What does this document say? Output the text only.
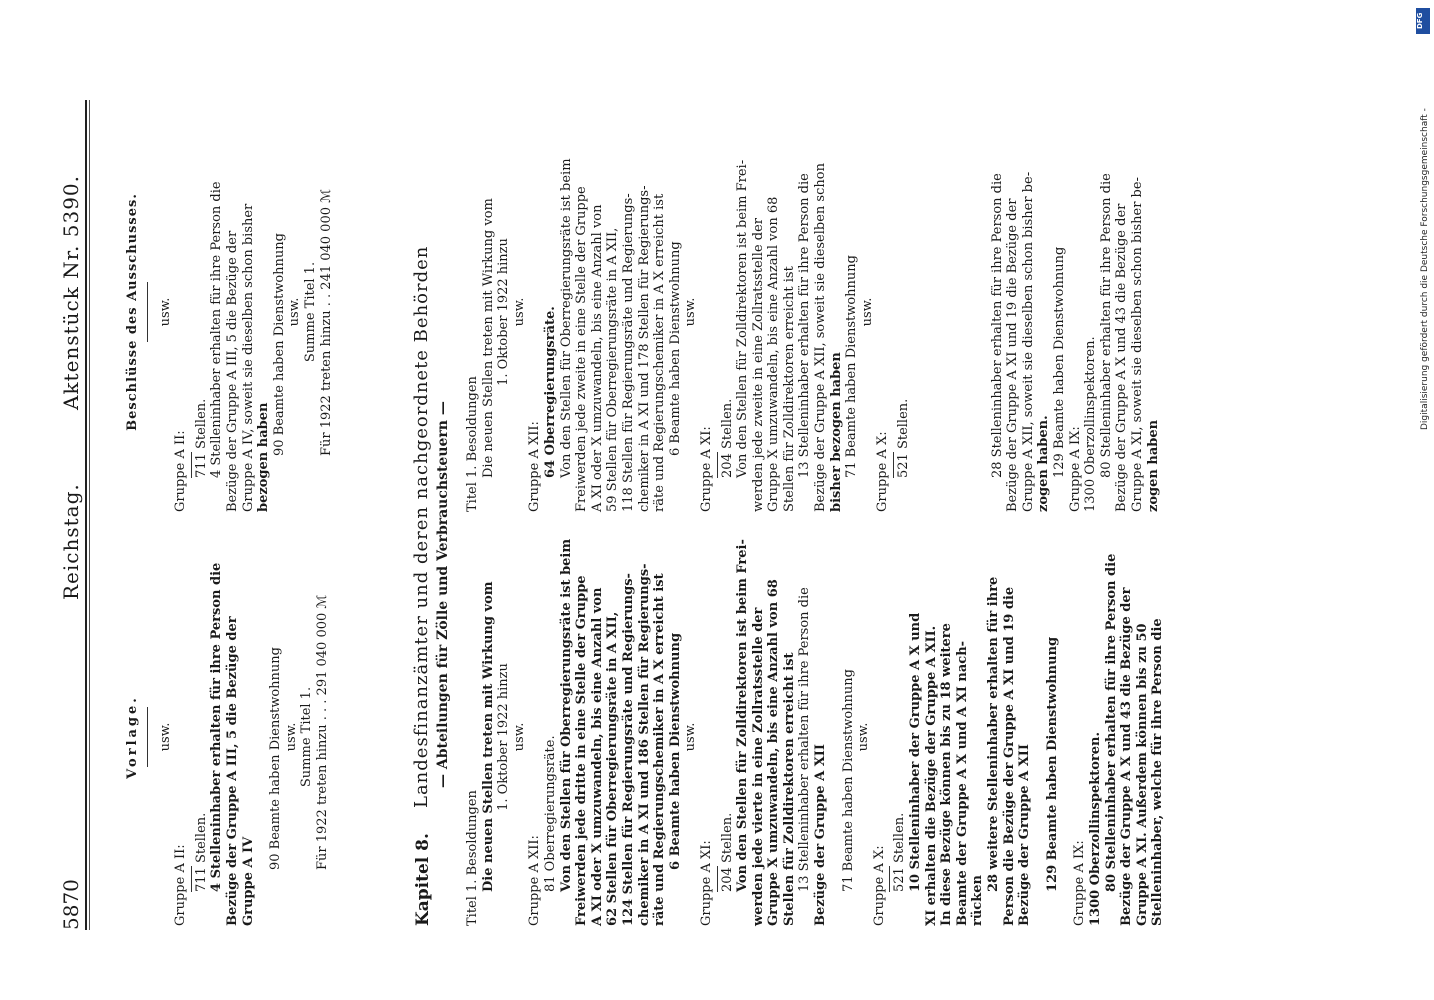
5870
Reichstag.
Aktenstück Nr. 5390.
Vorlage. usw.
Gruppe A II: 711 Stellen. 4 Stelleninhaber erhalten für ihre Person die Bezüge der Gruppe A III, 5 die Bezüge der Gruppe A IV
90 Beamte haben Dienstwohnung usw. Summe Titel 1. Für 1922 treten hinzu . . . 291 040 000 ℳ
Beschlüsse des Ausschusses. usw.
Gruppe A II: 711 Stellen. 4 Stelleninhaber erhalten für ihre Person die Bezüge der Gruppe A III, 5 die Bezüge der Gruppe A IV, soweit sie dieselben schon bisher bezogen haben
90 Beamte haben Dienstwohnung usw. Summe Titel 1. Für 1922 treten hinzu . . 241 040 000 ℳ
Kapitel 8.
Landesfinanzämter und deren nachgeordnete Behörden — Abteilungen für Zölle und Verbrauchsteuern —
Titel 1. Besoldungen Die neuen Stellen treten mit Wirkung vom 1. Oktober 1922 hinzu usw.
Gruppe A XII: 81 Oberregierungsräte. Von den Stellen für Oberregierungsräte ist beim Freiwerden jede dritte in eine Stelle der Gruppe A XI oder X umzuwandeln, bis eine Anzahl von 62 Stellen für Oberregierungsräte in A XII, 124 Stellen für Regierungsräte und Regierungs- chemiker in A XI und 186 Stellen für Regierungs- räte und Regierungschemiker in A X erreicht ist 6 Beamte haben Dienstwohnung usw.
Gruppe A XI: 204 Stellen. Von den Stellen für Zolldirektoren ist beim Frei- werden jede vierte in eine Zollratsstelle der Gruppe X umzuwandeln, bis eine Anzahl von 68 Stellen für Zolldirektoren erreicht ist 13 Stelleninhaber erhalten für ihre Person die Bezüge der Gruppe A XII 71 Beamte haben Dienstwohnung usw.
Gruppe A X: 521 Stellen. 10 Stelleninhaber der Gruppe A X und XI erhalten die Bezüge der Gruppe A XII. In diese Bezüge können bis zu 18 weitere Beamte der Gruppe A X und A XI nach- rücken
28 weitere Stelleninhaber erhalten für ihre Person die Bezüge der Gruppe A XI und 19 die Bezüge der Gruppe A XII 129 Beamte haben Dienstwohnung Gruppe A IX: 1300 Oberzollinspektoren. 80 Stelleninhaber erhalten für ihre Person die Bezüge der Gruppe A X und 43 die Bezüge der Gruppe A XI. Außerdem können bis zu 50 Stelleninhaber, welche für ihre Person die
Titel 1. Besoldungen Die neuen Stellen treten mit Wirkung vom 1. Oktober 1922 hinzu usw.
Gruppe A XII: 64 Oberregierungsräte. Von den Stellen für Oberregierungsräte ist beim Freiwerden jede zweite in eine Stelle der Gruppe A XI oder X umzuwandeln, bis eine Anzahl von 59 Stellen für Oberregierungsräte in A XII, 118 Stellen für Regierungsräte und Regierungs- chemiker in A XI und 178 Stellen für Regierungs- räte und Regierungschemiker in A X erreicht ist 6 Beamte haben Dienstwohnung usw.
Gruppe A XI: 204 Stellen. Von den Stellen für Zolldirektoren ist beim Frei- werden jede zweite in eine Zollratsstelle der Gruppe X umzuwandeln, bis eine Anzahl von 68 Stellen für Zolldirektoren erreicht ist 13 Stelleninhaber erhalten für ihre Person die Bezüge der Gruppe A XII, soweit sie dieselben schon bisher bezogen haben 71 Beamte haben Dienstwohnung usw.
Gruppe A X: 521 Stellen.	28 Stelleninhaber erhalten für ihre Person die Bezüge der Gruppe A XI und 19 die Bezüge der Gruppe A XII, soweit sie dieselben schon bisher be- zogen haben. 129 Beamte haben Dienstwohnung Gruppe A IX: 1300 Oberzollinspektoren. 80 Stelleninhaber erhalten für ihre Person die Bezüge der Gruppe A X und 43 die Bezüge der Gruppe A XI, soweit sie dieselben schon bisher be- zogen haben
DFG
Digitalisierung gefördert durch die Deutsche Forschungsgemeinschaft -
